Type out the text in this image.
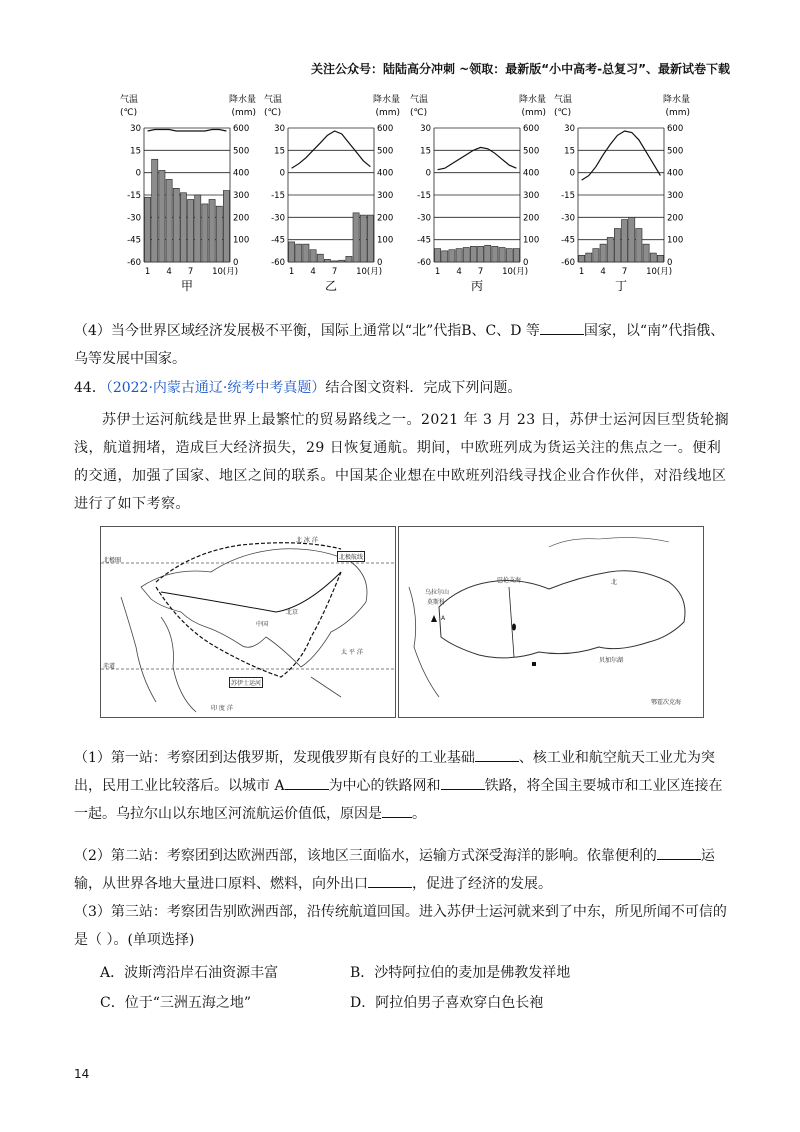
关注公众号：陆陆高分冲刺 ~领取：最新版“小中高考-总复习”、最新试卷下载
气温
(℃)
降水量
(mm)
30	600
15	500
0	400
-15	300
-30	200
-45	100
-60	0
1 4 7 10(月)
甲
气温
(℃)
降水量
(mm)
30	600
15	500
0	400
-15	300
-30	200
-45	100
-60	0
1 4 7 10(月)
乙
气温
(℃)
降水量
(mm)
30	600
15	500
0	400
-15	300
-30	200
-45	100
-60	0
1 4 7 10(月)
丙
气温
(℃)
降水量
(mm)
30	600
15	500
0	400
-15	300
-30	200
-45	100
-60	0
1 4 7 10(月)
丁
（4）当今世界区域经济发展极不平衡，国际上通常以“北”代指B、C、D 等	国家，以“南”代指俄、乌等发展中国家。
44．（2022·内蒙古通辽·统考中考真题）结合图文资料．完成下列问题。
苏伊士运河航线是世界上最繁忙的贸易路线之一。2021 年 3 月 23 日，苏伊士运河因巨型货轮搁浅，航道拥堵，造成巨大经济损失，29 日恢复通航。期间，中欧班列成为货运关注的焦点之一。便利的交通，加强了国家、地区之间的联系。中国某企业想在中欧班列沿线寻找企业合作伙伴，对沿线地区进行了如下考察。
北 冰 洋
北极圈
赤道
北极航线
苏伊士运河
中国
北京
印 度 洋
太 平 洋
巴伦支海
莫斯科
A
乌拉尔山
贝加尔湖
北
鄂霍次克海
（1）第一站：考察团到达俄罗斯，发现俄罗斯有良好的工业基础	、核工业和航空航天工业尤为突出，民用工业比较落后。以城市 A	为中心的铁路网和	铁路，将全国主要城市和工业区连接在一起。乌拉尔山以东地区河流航运价值低，原因是 。
（2）第二站：考察团到达欧洲西部，该地区三面临水，运输方式深受海洋的影响。依靠便利的	运输，从世界各地大量进口原料、燃料，向外出口	，促进了经济的发展。
（3）第三站：考察团告别欧洲西部，沿传统航道回国。进入苏伊士运河就来到了中东，所见所闻不可信的是（ ）。(单项选择)
A．波斯湾沿岸石油资源丰富	B．沙特阿拉伯的麦加是佛教发祥地
C．位于“三洲五海之地”	D．阿拉伯男子喜欢穿白色长袍
14
